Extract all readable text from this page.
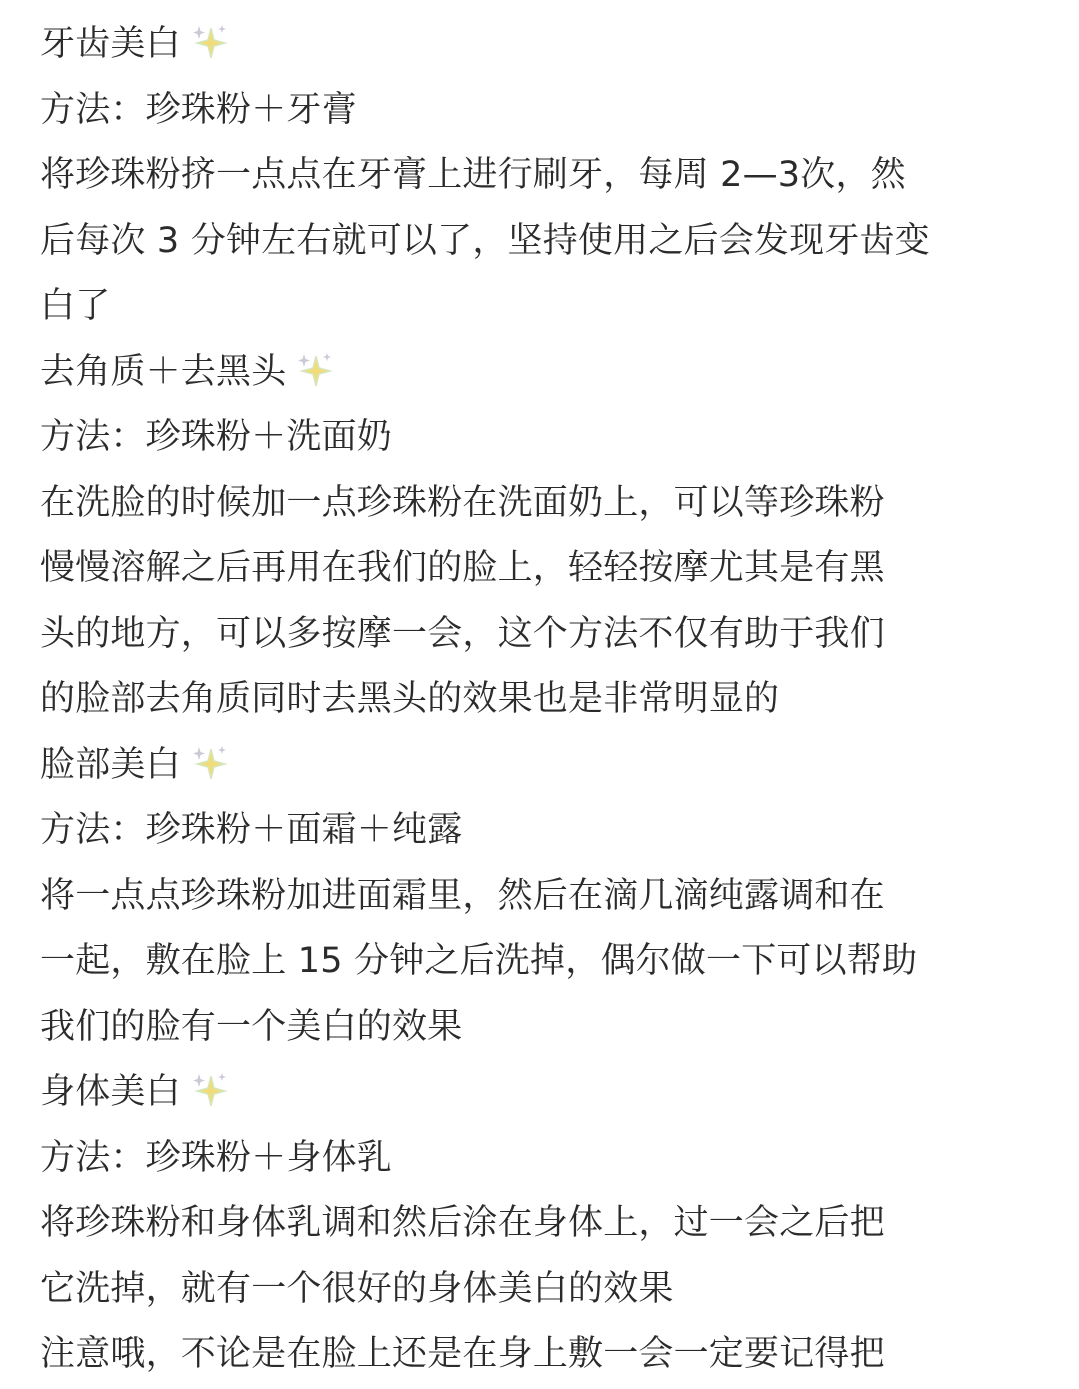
牙齿美白
方法：珍珠粉＋牙膏
将珍珠粉挤一点点在牙膏上进行刷牙，每周 2—3次，然
后每次 3 分钟左右就可以了，坚持使用之后会发现牙齿变
白了
去角质＋去黑头
方法：珍珠粉＋洗面奶
在洗脸的时候加一点珍珠粉在洗面奶上，可以等珍珠粉
慢慢溶解之后再用在我们的脸上，轻轻按摩尤其是有黑
头的地方，可以多按摩一会，这个方法不仅有助于我们
的脸部去角质同时去黑头的效果也是非常明显的
脸部美白
方法：珍珠粉＋面霜＋纯露
将一点点珍珠粉加进面霜里，然后在滴几滴纯露调和在
一起，敷在脸上 15 分钟之后洗掉，偶尔做一下可以帮助
我们的脸有一个美白的效果
身体美白
方法：珍珠粉＋身体乳
将珍珠粉和身体乳调和然后涂在身体上，过一会之后把
它洗掉，就有一个很好的身体美白的效果
注意哦，不论是在脸上还是在身上敷一会一定要记得把
